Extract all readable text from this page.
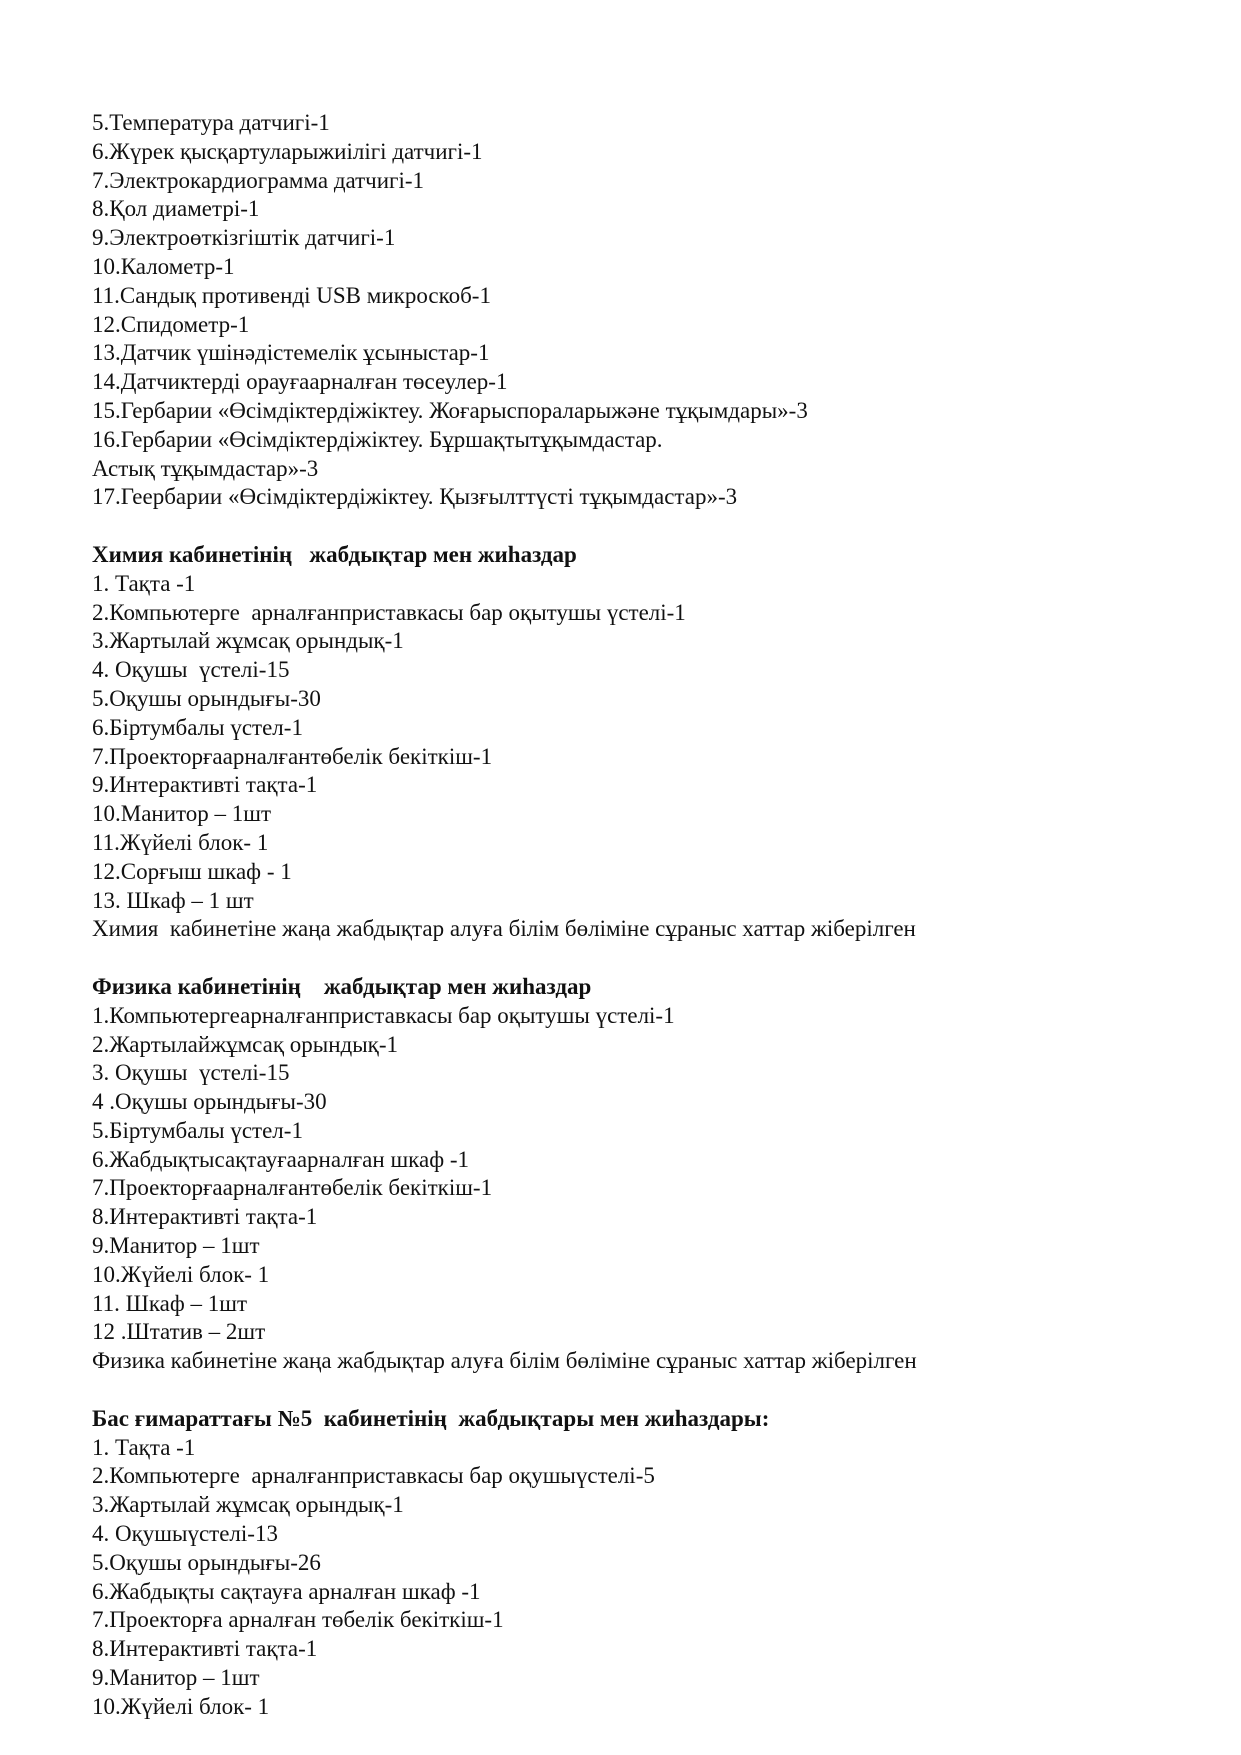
5.Температура датчигі-1
6.Жүрек қысқартуларыжиілігі датчигі-1
7.Электрокардиограмма датчигі-1
8.Қол диаметрі-1
9.Электроөткізгіштік датчигі-1
10.Калометр-1
11.Сандық противенді USB микроскоб-1
12.Спидометр-1
13.Датчик үшінәдістемелік ұсыныстар-1
14.Датчиктерді орауғаарналған төсеулер-1
15.Гербарии «Өсімдіктердіжіктеу. Жоғарыспораларыжәне тұқымдары»-3
16.Гербарии «Өсімдіктердіжіктеу. Бұршақтытұқымдастар.
Астық тұқымдастар»-3
17.Геербарии «Өсімдіктердіжіктеу. Қызғылттүсті тұқымдастар»-3
Химия кабинетінің   жабдықтар мен жиһаздар
1. Тақта -1
2.Компьютерге  арналғанприставкасы бар оқытушы үстелі-1
3.Жартылай жұмсақ орындық-1
4. Оқушы  үстелі-15
5.Оқушы орындығы-30
6.Біртумбалы үстел-1
7.Проекторғаарналғантөбелік бекіткіш-1
9.Интерактивті тақта-1
10.Манитор – 1шт
11.Жүйелі блок- 1
12.Сорғыш шкаф - 1
13. Шкаф – 1 шт
Химия  кабинетіне жаңа жабдықтар алуға білім бөліміне сұраныс хаттар жіберілген
Физика кабинетінің    жабдықтар мен жиһаздар
1.Компьютергеарналғанприставкасы бар оқытушы үстелі-1
2.Жартылайжұмсақ орындық-1
3. Оқушы  үстелі-15
4 .Оқушы орындығы-30
5.Біртумбалы үстел-1
6.Жабдықтысақтауғаарналған шкаф -1
7.Проекторғаарналғантөбелік бекіткіш-1
8.Интерактивті тақта-1
9.Манитор – 1шт
10.Жүйелі блок- 1
11. Шкаф – 1шт
12 .Штатив – 2шт
Физика кабинетіне жаңа жабдықтар алуға білім бөліміне сұраныс хаттар жіберілген
Бас ғимараттағы №5  кабинетінің  жабдықтары мен жиһаздары:
1. Тақта -1
2.Компьютерге  арналғанприставкасы бар оқушыүстелі-5
3.Жартылай жұмсақ орындық-1
4. Оқушыүстелі-13
5.Оқушы орындығы-26
6.Жабдықты сақтауға арналған шкаф -1
7.Проекторға арналған төбелік бекіткіш-1
8.Интерактивті тақта-1
9.Манитор – 1шт
10.Жүйелі блок- 1
